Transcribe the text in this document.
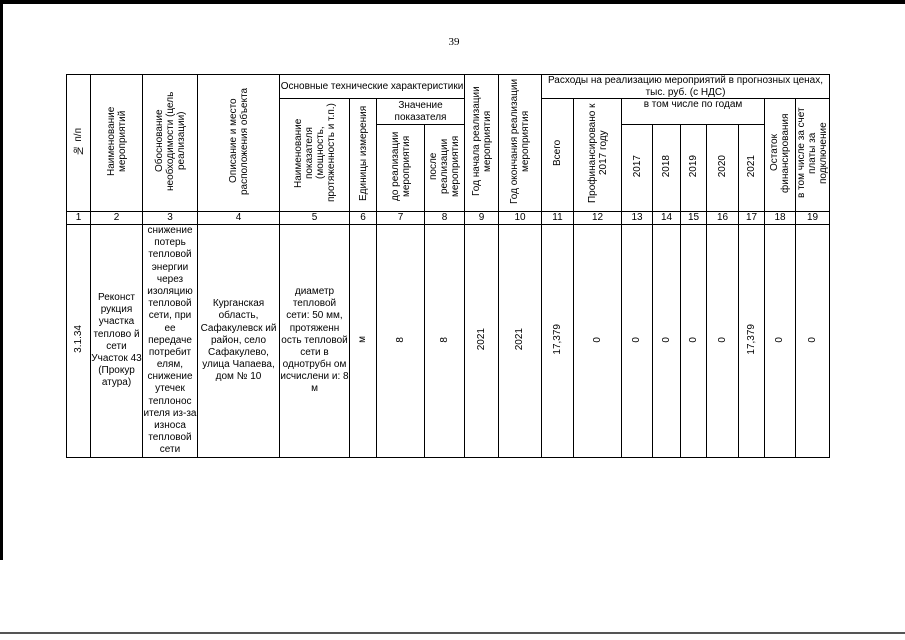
39
№ п/п	Наименование мероприятий	Обоснование необходимости (цель реализации)	Описание и место расположения объекта	Основные технические характеристики				Год начала реализации мероприятия	Год окончания реализации мероприятия	Расходы на реализацию мероприятий в прогнозных ценах, тыс. руб. (с НДС)								
				Наименование показателя (мощность, протяженность и т.п.)	Единицы измерения	Значение показателя				Всего	Профинансировано к 2017 году	в том числе по годам					Остаток финансирования	в том числе за счет платы за подключение

						до реализации мероприятия	после реализации мероприятия					2017	2018	2019	2020	2021		

1	2	3	4	5	6	7	8	9	10	11	12	13	14	15	16	17	18	19
3.1.34	Реконст рукция участка теплово й сети Участок 43 (Прокур атура)	снижение потерь тепловой энергии через изоляцию тепловой сети, при ее передаче потребит елям, снижение утечек теплонос ителя из-за износа тепловой сети	Курганская область, Сафакулевск ий район, село Сафакулево, улица Чапаева, дом № 10	диаметр тепловой сети: 50 мм, протяженн ость тепловой сети в однотрубн ом исчислени и: 8 м	м	8	8	2021	2021	17,379	0	0	0	0	0	17,379	0	0
